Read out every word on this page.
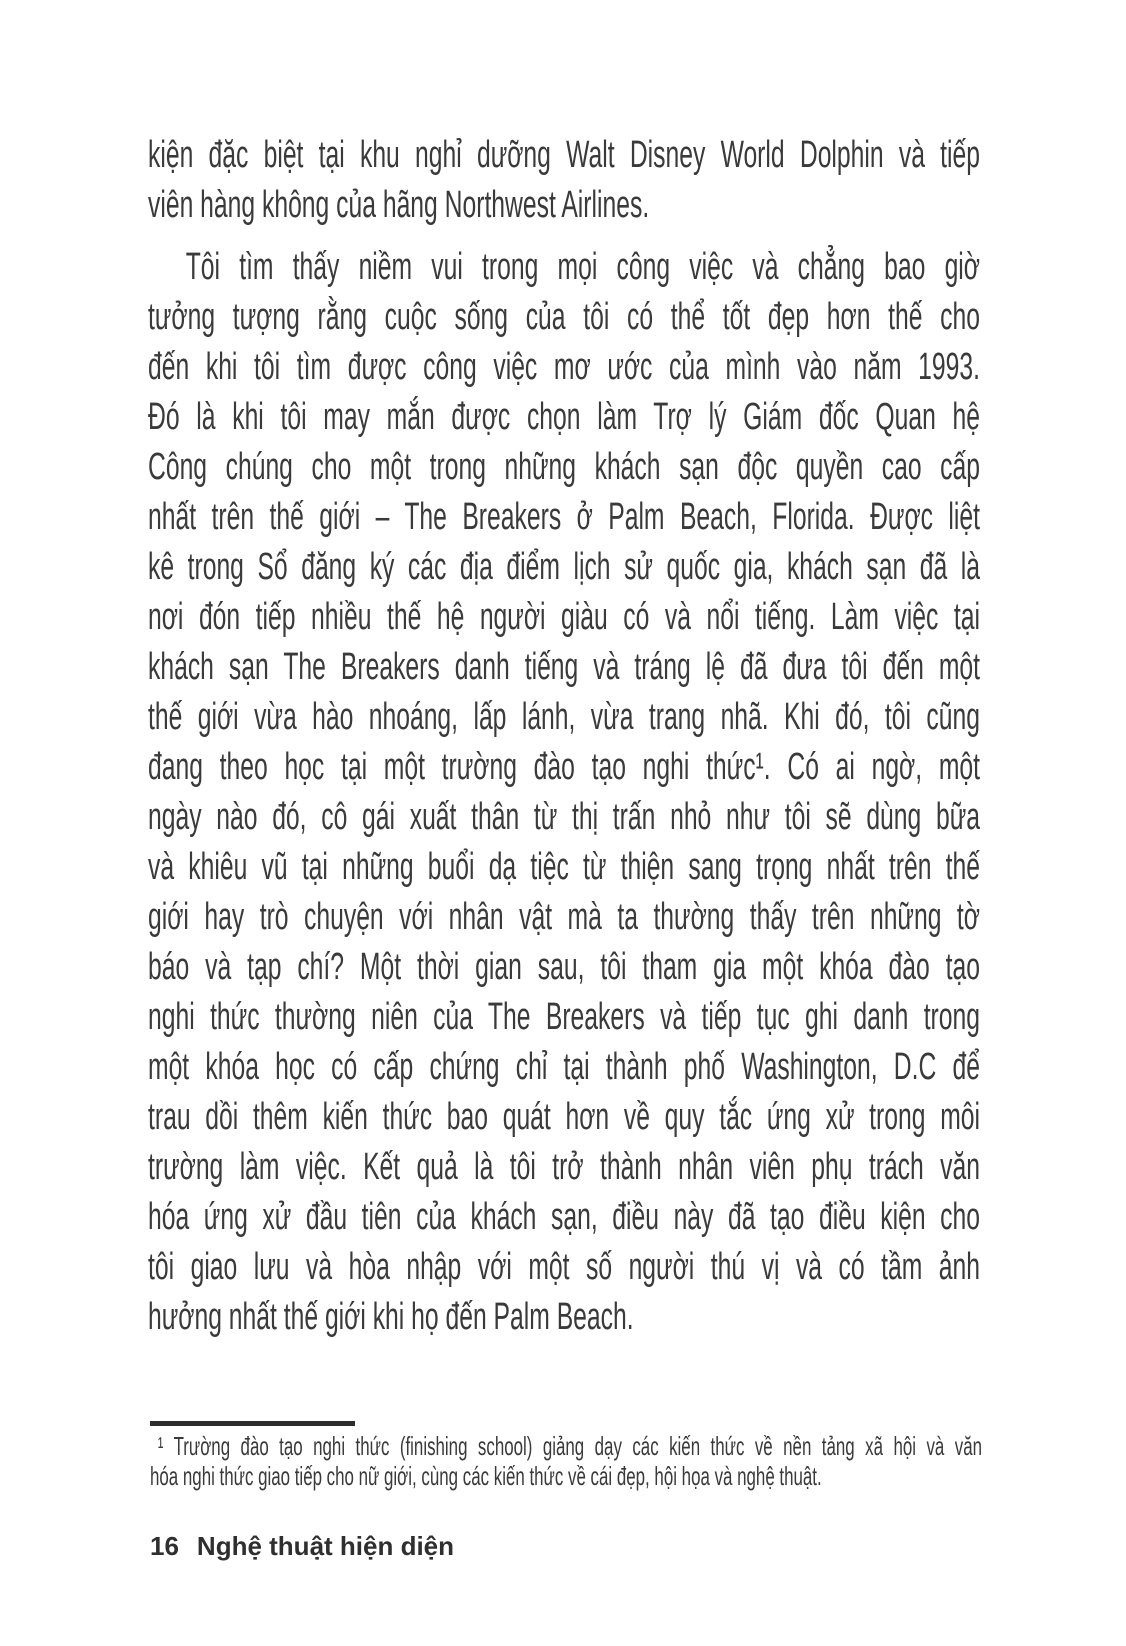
kiện đặc biệt tại khu nghỉ dưỡng Walt Disney World Dolphin và tiếp
viên hàng không của hãng Northwest Airlines.
Tôi tìm thấy niềm vui trong mọi công việc và chẳng bao giờ
tưởng tượng rằng cuộc sống của tôi có thể tốt đẹp hơn thế cho
đến khi tôi tìm được công việc mơ ước của mình vào năm 1993.
Đó là khi tôi may mắn được chọn làm Trợ lý Giám đốc Quan hệ
Công chúng cho một trong những khách sạn độc quyền cao cấp
nhất trên thế giới – The Breakers ở Palm Beach, Florida. Được liệt
kê trong Sổ đăng ký các địa điểm lịch sử quốc gia, khách sạn đã là
nơi đón tiếp nhiều thế hệ người giàu có và nổi tiếng. Làm việc tại
khách sạn The Breakers danh tiếng và tráng lệ đã đưa tôi đến một
thế giới vừa hào nhoáng, lấp lánh, vừa trang nhã. Khi đó, tôi cũng
đang theo học tại một trường đào tạo nghi thức¹. Có ai ngờ, một
ngày nào đó, cô gái xuất thân từ thị trấn nhỏ như tôi sẽ dùng bữa
và khiêu vũ tại những buổi dạ tiệc từ thiện sang trọng nhất trên thế
giới hay trò chuyện với nhân vật mà ta thường thấy trên những tờ
báo và tạp chí? Một thời gian sau, tôi tham gia một khóa đào tạo
nghi thức thường niên của The Breakers và tiếp tục ghi danh trong
một khóa học có cấp chứng chỉ tại thành phố Washington, D.C để
trau dồi thêm kiến thức bao quát hơn về quy tắc ứng xử trong môi
trường làm việc. Kết quả là tôi trở thành nhân viên phụ trách văn
hóa ứng xử đầu tiên của khách sạn, điều này đã tạo điều kiện cho
tôi giao lưu và hòa nhập với một số người thú vị và có tầm ảnh
hưởng nhất thế giới khi họ đến Palm Beach.
¹ Trường đào tạo nghi thức (finishing school) giảng dạy các kiến thức về nền tảng xã hội và văn
hóa nghi thức giao tiếp cho nữ giới, cùng các kiến thức về cái đẹp, hội họa và nghệ thuật.
16 Nghệ thuật hiện diện
